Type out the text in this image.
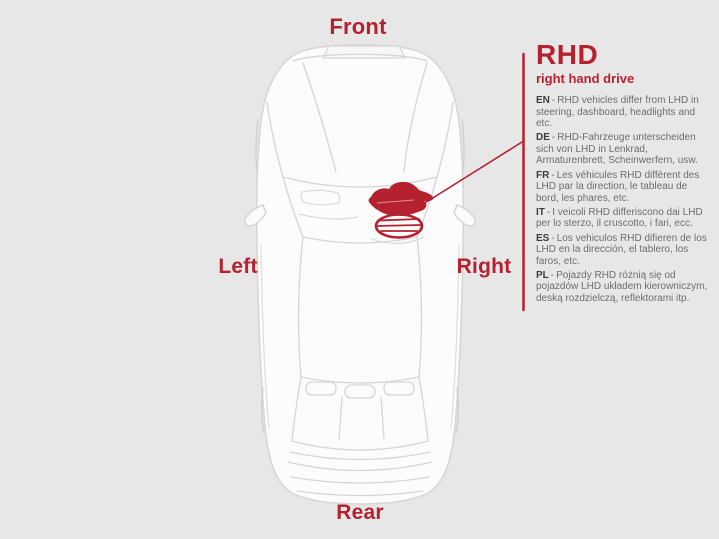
Front
Left	Right
Rear
RHD
right hand drive

EN - RHD vehicles differ from LHD in steering, dashboard, headlights and etc.

DE - RHD-Fahrzeuge unterscheiden sich von LHD in Lenkrad, Armaturenbrett, Scheinwerfern, usw.

FR - Les véhicules RHD diffèrent des LHD par la direction, le tableau de bord, les phares, etc.

IT - I veicoli RHD differiscono dai LHD per lo sterzo, il cruscotto, i fari, ecc.

ES - Los vehiculos RHD difieren de los LHD en la dirección, el tablero, los faros, etc.

PL - Pojazdy RHD różnią się od pojazdów LHD układem kierowniczym, deską rozdzielczą, reflektorami itp.
